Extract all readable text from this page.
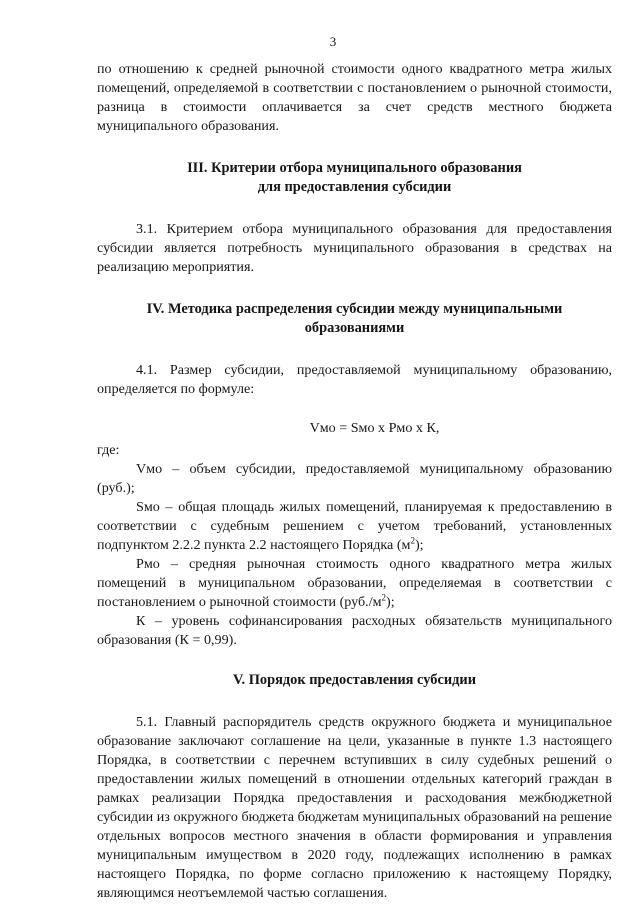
3

по отношению к средней рыночной стоимости одного квадратного метра жилых помещений, определяемой в соответствии с постановлением о рыночной стоимости, разница в стоимости оплачивается за счет средств местного бюджета муниципального образования.

III. Критерии отбора муниципального образования
для предоставления субсидии

3.1. Критерием отбора муниципального образования для предоставления субсидии является потребность муниципального образования в средствах на реализацию мероприятия.

IV. Методика распределения субсидии между муниципальными
образованиями

4.1. Размер субсидии, предоставляемой муниципальному образованию, определяется по формуле:

Vмо = Sмо х Рмо х К,

где:

Vмо – объем субсидии, предоставляемой муниципальному образованию (руб.);

Sмо – общая площадь жилых помещений, планируемая к предоставлению в соответствии с судебным решением с учетом требований, установленных подпунктом 2.2.2 пункта 2.2 настоящего Порядка $(м^2)$;

Рмо – средняя рыночная стоимость одного квадратного метра жилых помещений в муниципальном образовании, определяемая в соответствии с постановлением о рыночной стоимости $(руб./м^2)$;

К – уровень софинансирования расходных обязательств муниципального образования (К = 0,99).

V. Порядок предоставления субсидии

5.1. Главный распорядитель средств окружного бюджета и муниципальное образование заключают соглашение на цели, указанные в пункте 1.3 настоящего Порядка, в соответствии с перечнем вступивших в силу судебных решений о предоставлении жилых помещений в отношении отдельных категорий граждан в рамках реализации Порядка предоставления и расходования межбюджетной субсидии из окружного бюджета бюджетам муниципальных образований на решение отдельных вопросов местного значения в области формирования и управления муниципальным имуществом в 2020 году, подлежащих исполнению в рамках настоящего Порядка, по форме согласно приложению к настоящему Порядку, являющимся неотъемлемой частью соглашения.
